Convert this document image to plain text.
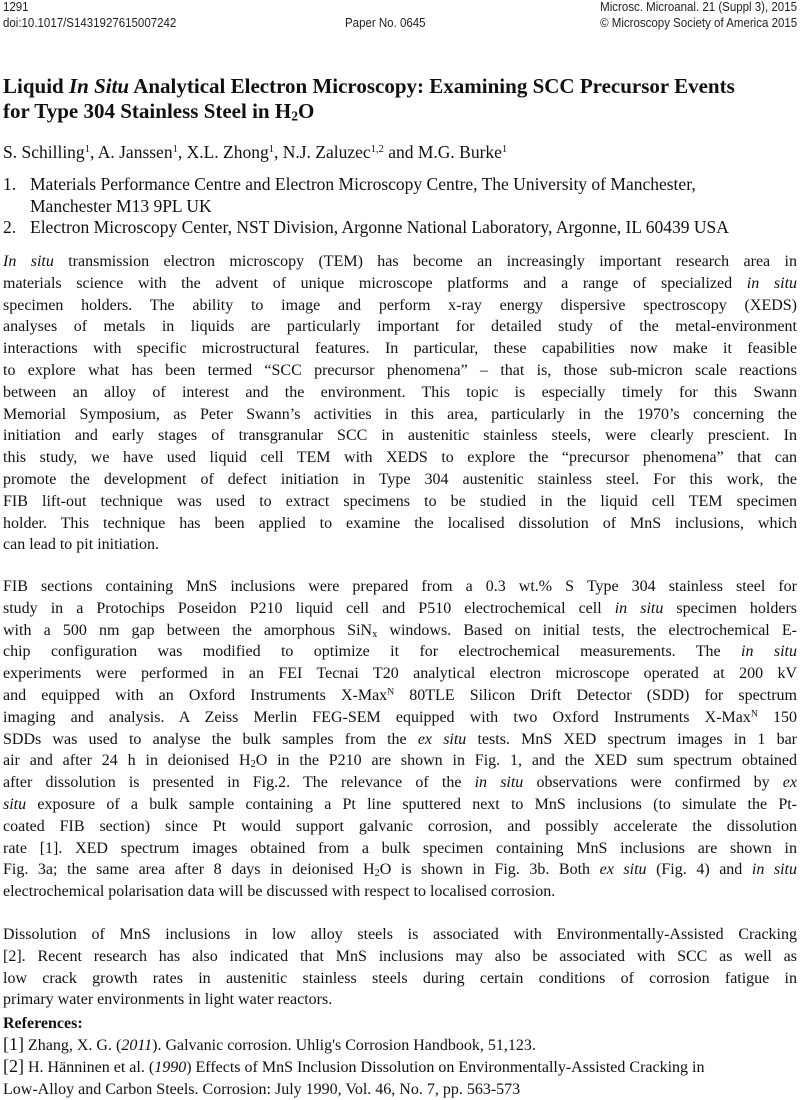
1291
doi:10.1017/S1431927615007242	Paper No. 0645
Microsc. Microanal. 21 (Suppl 3), 2015
© Microscopy Society of America 2015
Liquid In Situ Analytical Electron Microscopy: Examining SCC Precursor Events
for Type 304 Stainless Steel in $H_2O$
S. Schilling$^1$, A. Janssen$^1$, X.L. Zhong$^1$, N.J. Zaluzec$^{1,2}$ and M.G. Burke$^1$
1. Materials Performance Centre and Electron Microscopy Centre, The University of Manchester,
Manchester M13 9PL UK
2. Electron Microscopy Center, NST Division, Argonne National Laboratory, Argonne, IL 60439 USA
In situ transmission electron microscopy (TEM) has become an increasingly important research area in
materials science with the advent of unique microscope platforms and a range of specialized in situ
specimen holders. The ability to image and perform x-ray energy dispersive spectroscopy (XEDS)
analyses of metals in liquids are particularly important for detailed study of the metal-environment
interactions with specific microstructural features. In particular, these capabilities now make it feasible
to explore what has been termed “SCC precursor phenomena” – that is, those sub-micron scale reactions
between an alloy of interest and the environment. This topic is especially timely for this Swann
Memorial Symposium, as Peter Swann’s activities in this area, particularly in the 1970’s concerning the
initiation and early stages of transgranular SCC in austenitic stainless steels, were clearly prescient. In
this study, we have used liquid cell TEM with XEDS to explore the “precursor phenomena” that can
promote the development of defect initiation in Type 304 austenitic stainless steel. For this work, the
FIB lift-out technique was used to extract specimens to be studied in the liquid cell TEM specimen
holder. This technique has been applied to examine the localised dissolution of MnS inclusions, which
can lead to pit initiation.
FIB sections containing MnS inclusions were prepared from a 0.3 wt.% S Type 304 stainless steel for
study in a Protochips Poseidon P210 liquid cell and P510 electrochemical cell in situ specimen holders
with a 500 nm gap between the amorphous SiN$_x$ windows. Based on initial tests, the electrochemical E-
chip configuration was modified to optimize it for electrochemical measurements. The in situ
experiments were performed in an FEI Tecnai T20 analytical electron microscope operated at 200 kV
and equipped with an Oxford Instruments X-Max$^N$ 80TLE Silicon Drift Detector (SDD) for spectrum
imaging and analysis. A Zeiss Merlin FEG-SEM equipped with two Oxford Instruments X-Max$^N$ 150
SDDs was used to analyse the bulk samples from the ex situ tests. MnS XED spectrum images in 1 bar
air and after 24 h in deionised $H_2O$ in the P210 are shown in Fig. 1, and the XED sum spectrum obtained
after dissolution is presented in Fig.2. The relevance of the in situ observations were confirmed by ex
situ exposure of a bulk sample containing a Pt line sputtered next to MnS inclusions (to simulate the Pt-
coated FIB section) since Pt would support galvanic corrosion, and possibly accelerate the dissolution
rate [1]. XED spectrum images obtained from a bulk specimen containing MnS inclusions are shown in
Fig. 3a; the same area after 8 days in deionised $H_2O$ is shown in Fig. 3b. Both ex situ (Fig. 4) and in situ
electrochemical polarisation data will be discussed with respect to localised corrosion.
Dissolution of MnS inclusions in low alloy steels is associated with Environmentally-Assisted Cracking
[2]. Recent research has also indicated that MnS inclusions may also be associated with SCC as well as
low crack growth rates in austenitic stainless steels during certain conditions of corrosion fatigue in
primary water environments in light water reactors.
References:
[1] Zhang, X. G. (2011). Galvanic corrosion. Uhlig's Corrosion Handbook, 51,123.
[2] H. Hänninen et al. (1990) Effects of MnS Inclusion Dissolution on Environmentally-Assisted Cracking in
Low-Alloy and Carbon Steels. Corrosion: July 1990, Vol. 46, No. 7, pp. 563-573
